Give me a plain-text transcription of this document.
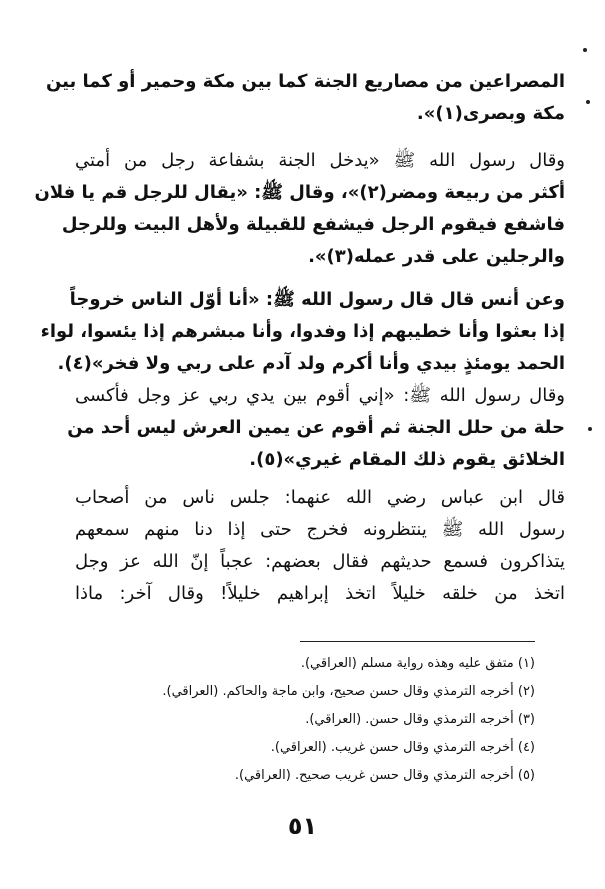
المصراعين من مصاريع الجنة كما بين مكة وحمير أو كما بين
مكة وبصرى(١)».
وقال رسول الله ﷺ «يدخل الجنة بشفاعة رجل من أمتي
أكثر من ربيعة ومضر(٢)»، وقال ﷺ: «يقال للرجل قم يا فلان
فاشفع فيقوم الرجل فيشفع للقبيلة ولأهل البيت وللرجل
والرجلين على قدر عمله(٣)».
وعن أنس قال قال رسول الله ﷺ: «أنا أوّل الناس خروجاً
إذا بعثوا وأنا خطيبهم إذا وفدوا، وأنا مبشرهم إذا يئسوا، لواء
الحمد يومئذٍ بيدي وأنا أكرم ولد آدم على ربي ولا فخر»(٤).
وقال رسول الله ﷺ: «إني أقوم بين يدي ربي عز وجل فأكسى
حلة من حلل الجنة ثم أقوم عن يمين العرش ليس أحد من
الخلائق يقوم ذلك المقام غيري»(٥).
قال ابن عباس رضي الله عنهما: جلس ناس من أصحاب
رسول الله ﷺ ينتظرونه فخرج حتى إذا دنا منهم سمعهم
يتذاكرون فسمع حديثهم فقال بعضهم: عجباً إنّ الله عز وجل
اتخذ من خلقه خليلاً اتخذ إبراهيم خليلاً! وقال آخر: ماذا
(١) متفق عليه وهذه رواية مسلم (العراقي).
(٢) أخرجه الترمذي وقال حسن صحيح، وابن ماجة والحاكم. (العراقي).
(٣) أخرجه الترمذي وقال حسن. (العراقي).
(٤) أخرجه الترمذي وقال حسن غريب. (العراقي).
(٥) أخرجه الترمذي وقال حسن غريب صحيح. (العراقي).
٥١
